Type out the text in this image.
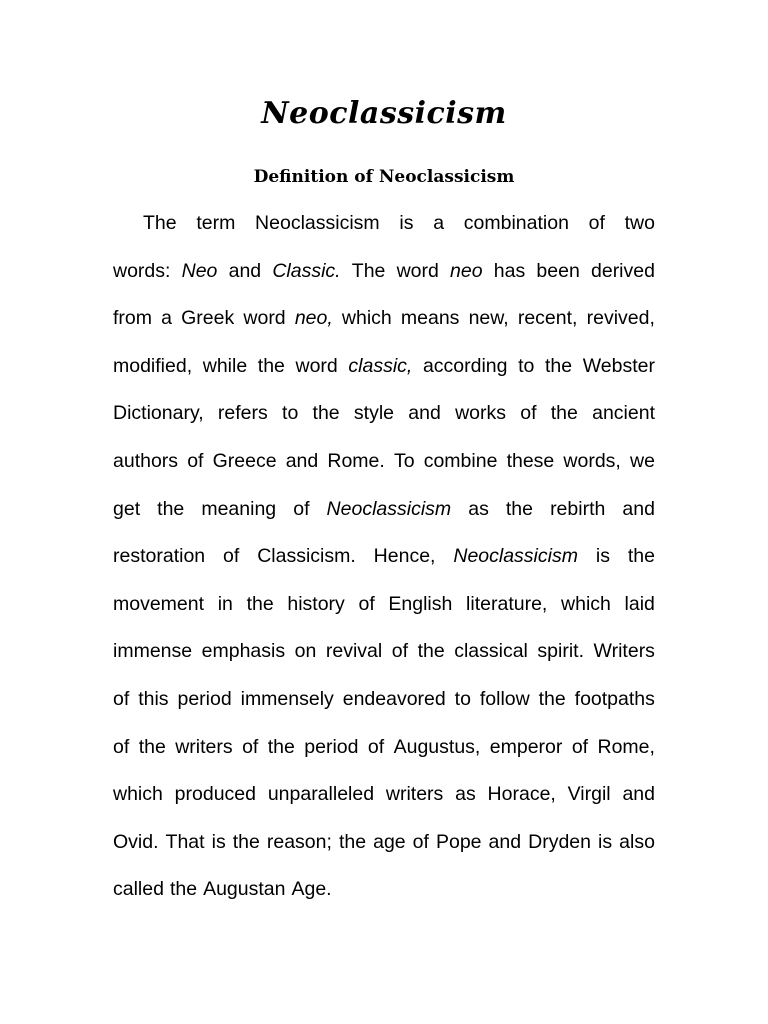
Neoclassicism
Definition of Neoclassicism
The term Neoclassicism is a combination of two
words: Neo and Classic. The word neo has been derived
from a Greek word neo, which means new, recent, revived,
modified, while the word classic, according to the Webster
Dictionary, refers to the style and works of the ancient
authors of Greece and Rome. To combine these words, we
get the meaning of Neoclassicism as the rebirth and
restoration of Classicism. Hence, Neoclassicism is the
movement in the history of English literature, which laid
immense emphasis on revival of the classical spirit. Writers
of this period immensely endeavored to follow the footpaths
of the writers of the period of Augustus, emperor of Rome,
which produced unparalleled writers as Horace, Virgil and
Ovid. That is the reason; the age of Pope and Dryden is also
called the Augustan Age.
